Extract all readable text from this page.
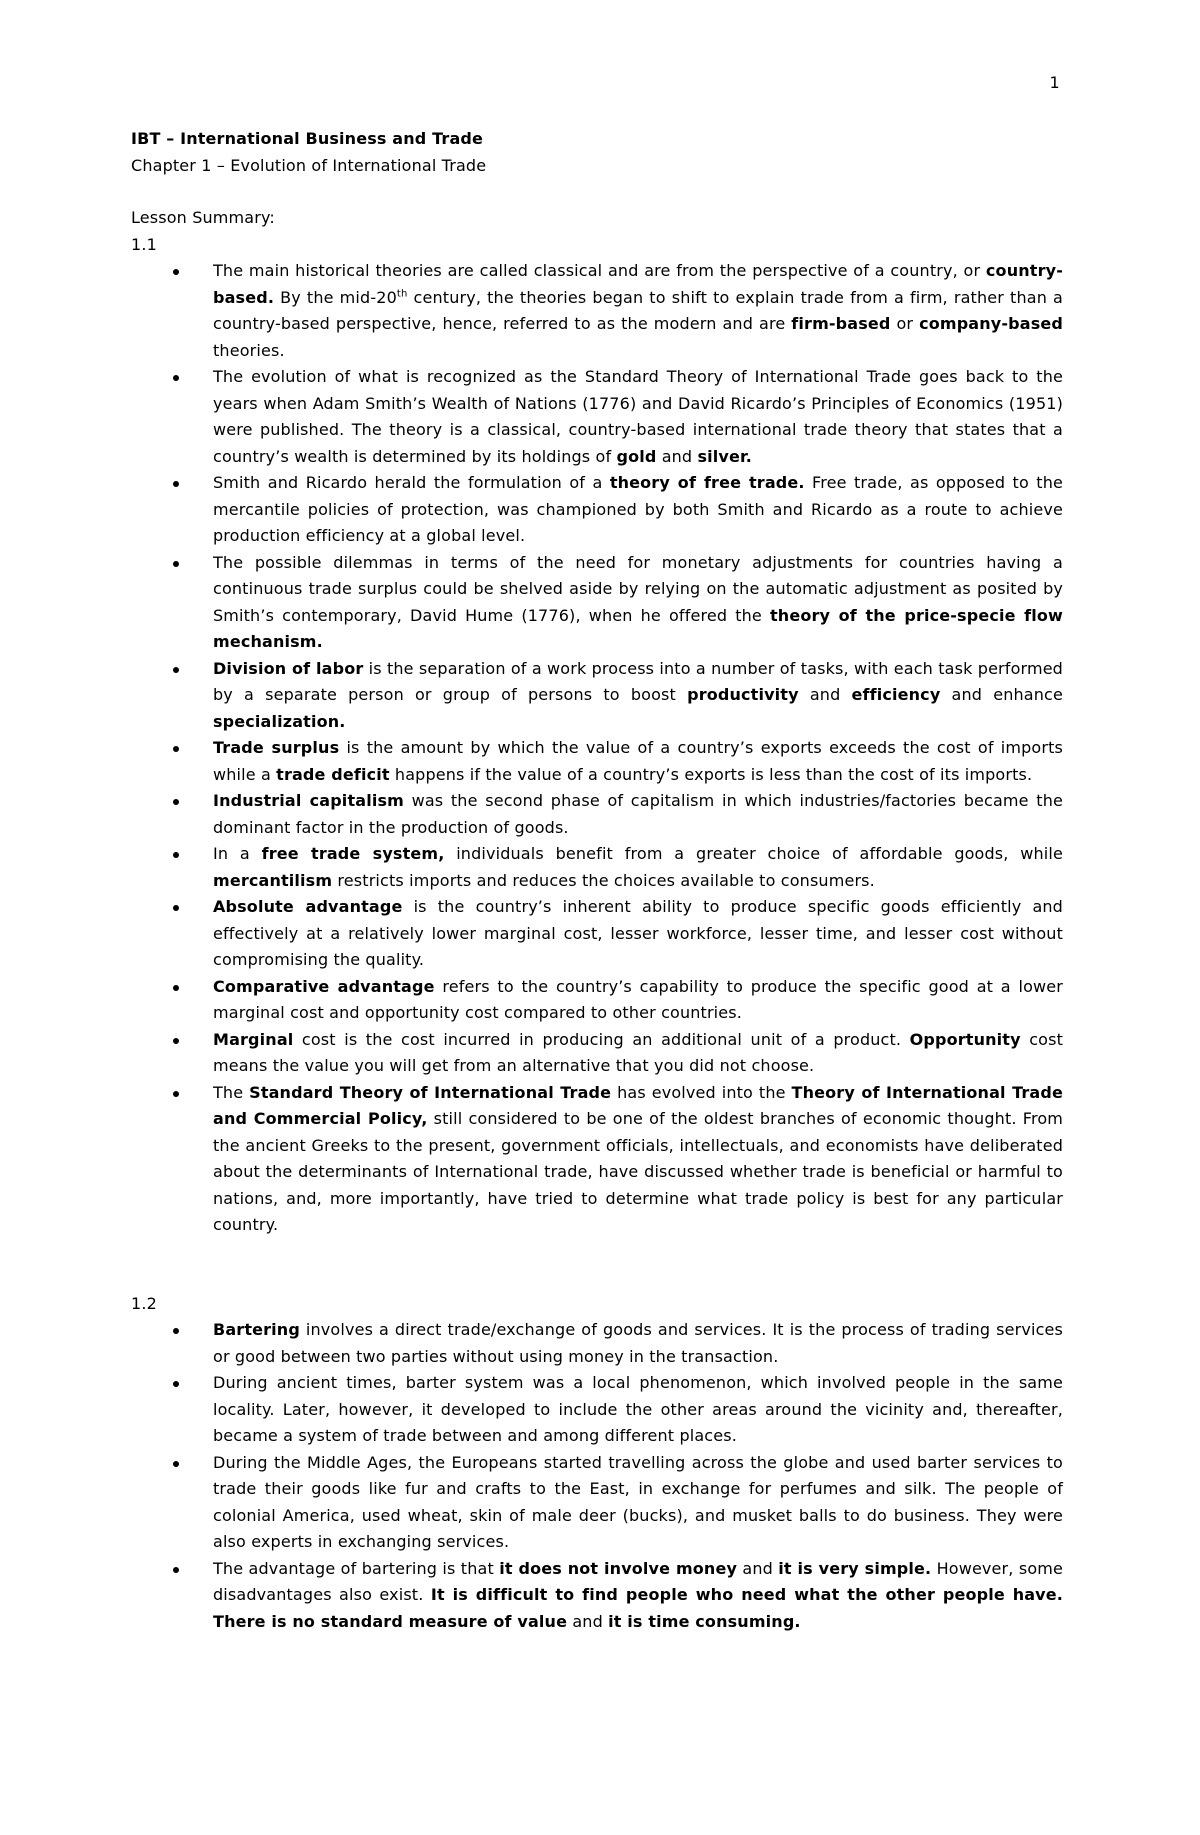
1
IBT – International Business and Trade
Chapter 1 – Evolution of International Trade
Lesson Summary:
1.1
The main historical theories are called classical and are from the perspective of a country, or country-based. By the mid-20th century, the theories began to shift to explain trade from a firm, rather than a country-based perspective, hence, referred to as the modern and are firm-based or company-based theories.
The evolution of what is recognized as the Standard Theory of International Trade goes back to the years when Adam Smith’s Wealth of Nations (1776) and David Ricardo’s Principles of Economics (1951) were published. The theory is a classical, country-based international trade theory that states that a country’s wealth is determined by its holdings of gold and silver.
Smith and Ricardo herald the formulation of a theory of free trade. Free trade, as opposed to the mercantile policies of protection, was championed by both Smith and Ricardo as a route to achieve production efficiency at a global level.
The possible dilemmas in terms of the need for monetary adjustments for countries having a continuous trade surplus could be shelved aside by relying on the automatic adjustment as posited by Smith’s contemporary, David Hume (1776), when he offered the theory of the price-specie flow mechanism.
Division of labor is the separation of a work process into a number of tasks, with each task performed by a separate person or group of persons to boost productivity and efficiency and enhance specialization.
Trade surplus is the amount by which the value of a country’s exports exceeds the cost of imports while a trade deficit happens if the value of a country’s exports is less than the cost of its imports.
Industrial capitalism was the second phase of capitalism in which industries/factories became the dominant factor in the production of goods.
In a free trade system, individuals benefit from a greater choice of affordable goods, while mercantilism restricts imports and reduces the choices available to consumers.
Absolute advantage is the country’s inherent ability to produce specific goods efficiently and effectively at a relatively lower marginal cost, lesser workforce, lesser time, and lesser cost without compromising the quality.
Comparative advantage refers to the country’s capability to produce the specific good at a lower marginal cost and opportunity cost compared to other countries.
Marginal cost is the cost incurred in producing an additional unit of a product. Opportunity cost means the value you will get from an alternative that you did not choose.
The Standard Theory of International Trade has evolved into the Theory of International Trade and Commercial Policy, still considered to be one of the oldest branches of economic thought. From the ancient Greeks to the present, government officials, intellectuals, and economists have deliberated about the determinants of International trade, have discussed whether trade is beneficial or harmful to nations, and, more importantly, have tried to determine what trade policy is best for any particular country.
1.2
Bartering involves a direct trade/exchange of goods and services. It is the process of trading services or good between two parties without using money in the transaction.
During ancient times, barter system was a local phenomenon, which involved people in the same locality. Later, however, it developed to include the other areas around the vicinity and, thereafter, became a system of trade between and among different places.
During the Middle Ages, the Europeans started travelling across the globe and used barter services to trade their goods like fur and crafts to the East, in exchange for perfumes and silk. The people of colonial America, used wheat, skin of male deer (bucks), and musket balls to do business. They were also experts in exchanging services.
The advantage of bartering is that it does not involve money and it is very simple. However, some disadvantages also exist. It is difficult to find people who need what the other people have. There is no standard measure of value and it is time consuming.
